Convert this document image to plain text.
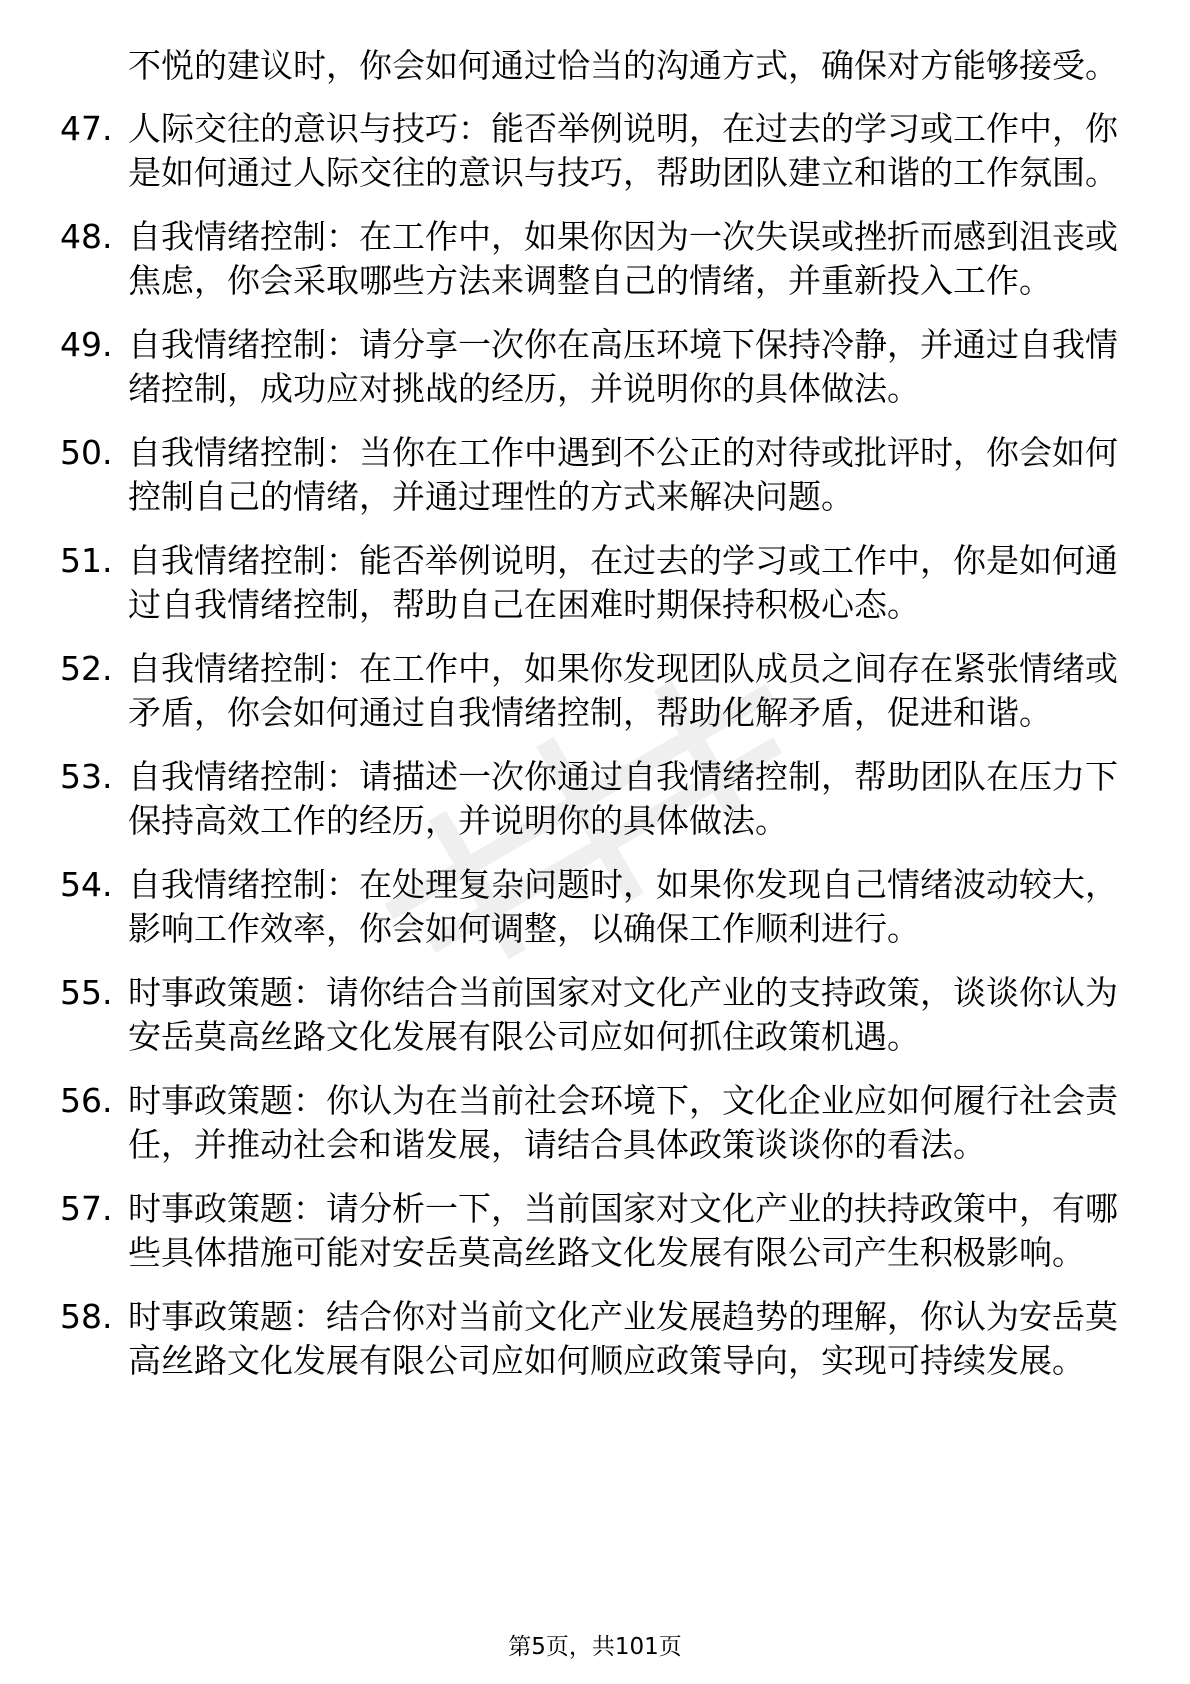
不悦的建议时，你会如何通过恰当的沟通方式，确保对方能够接受。
47. 人际交往的意识与技巧：能否举例说明，在过去的学习或工作中，你是如何通过人际交往的意识与技巧，帮助团队建立和谐的工作氛围。
48. 自我情绪控制：在工作中，如果你因为一次失误或挫折而感到沮丧或焦虑，你会采取哪些方法来调整自己的情绪，并重新投入工作。
49. 自我情绪控制：请分享一次你在高压环境下保持冷静，并通过自我情绪控制，成功应对挑战的经历，并说明你的具体做法。
50. 自我情绪控制：当你在工作中遇到不公正的对待或批评时，你会如何控制自己的情绪，并通过理性的方式来解决问题。
51. 自我情绪控制：能否举例说明，在过去的学习或工作中，你是如何通过自我情绪控制，帮助自己在困难时期保持积极心态。
52. 自我情绪控制：在工作中，如果你发现团队成员之间存在紧张情绪或矛盾，你会如何通过自我情绪控制，帮助化解矛盾，促进和谐。
53. 自我情绪控制：请描述一次你通过自我情绪控制，帮助团队在压力下保持高效工作的经历，并说明你的具体做法。
54. 自我情绪控制：在处理复杂问题时，如果你发现自己情绪波动较大，影响工作效率，你会如何调整，以确保工作顺利进行。
55. 时事政策题：请你结合当前国家对文化产业的支持政策，谈谈你认为安岳莫高丝路文化发展有限公司应如何抓住政策机遇。
56. 时事政策题：你认为在当前社会环境下，文化企业应如何履行社会责任，并推动社会和谐发展，请结合具体政策谈谈你的看法。
57. 时事政策题：请分析一下，当前国家对文化产业的扶持政策中，有哪些具体措施可能对安岳莫高丝路文化发展有限公司产生积极影响。
58. 时事政策题：结合你对当前文化产业发展趋势的理解，你认为安岳莫高丝路文化发展有限公司应如何顺应政策导向，实现可持续发展。
第5页，共101页
